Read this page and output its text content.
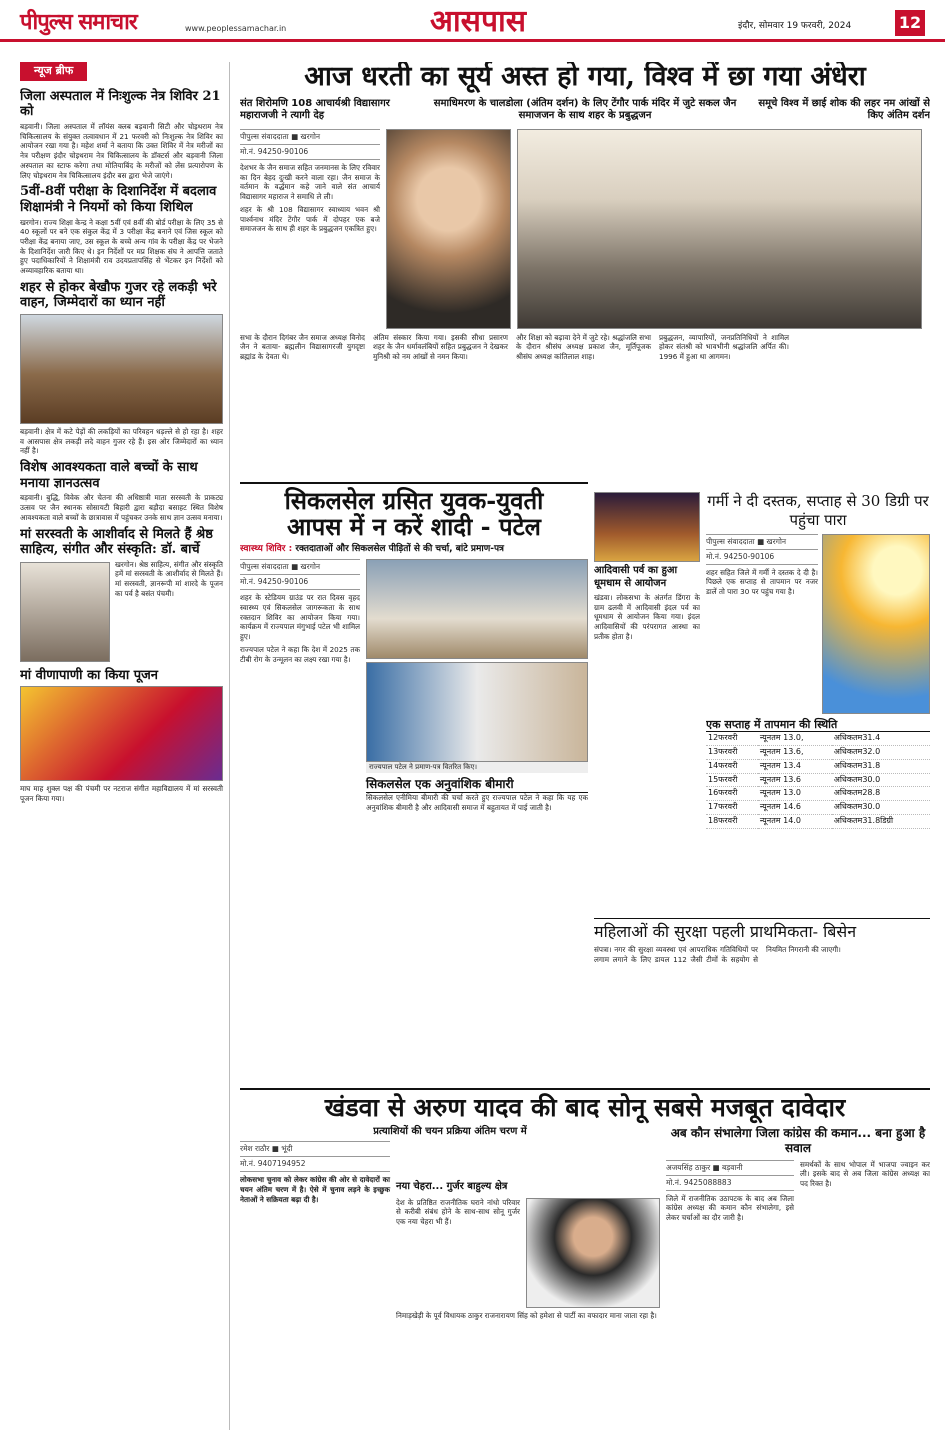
पीपुल्स समाचार	www.peoplessamachar.in	आसपास	इंदौर, सोमवार 19 फरवरी, 2024	12
न्यूज ब्रीफ
जिला अस्पताल में निःशुल्क नेत्र शिविर 21 को
बड़वानी। जिला अस्पताल में लॉयंस क्लब बड़वानी सिटी और चोइथराम नेत्र चिकित्सालय के संयुक्त तत्वावधान में 21 फरवरी को निःशुल्क नेत्र शिविर का आयोजन रखा गया है। महेश शर्मा ने बताया कि उक्त शिविर में नेत्र मरीजों का नेत्र परीक्षण इंदौर चोइथराम नेत्र चिकित्सालय के डॉक्टर्स और बड़वानी जिला अस्पताल का स्टाफ करेगा तथा मोतियाबिंद के मरीजों को लेंस प्रत्यारोपण के लिए चोइथराम नेत्र चिकित्सालय इंदौर बस द्वारा भेजे जाएंगे।
5वीं-8वीं परीक्षा के दिशानिर्देश में बदलाव शिक्षामंत्री ने नियमों को किया शिथिल
खरगोन। राज्य शिक्षा केन्द्र ने कक्षा 5वीं एवं 8वीं की बोर्ड परीक्षा के लिए 35 से 40 स्कूलों पर बने एक संकुल केंद्र में 3 परीक्षा केंद्र बनाने एवं जिस स्कूल को परीक्षा केंद्र बनाया जाए, उस स्कूल के बच्चे अन्य गांव के परीक्षा केंद्र पर भेजने के दिशानिर्देश जारी किए थे। इन निर्देशों पर मप्र शिक्षक संघ ने आपत्ति जताते हुए पदाधिकारियों ने शिक्षामंत्री राव उदयप्रतापसिंह से भेंटकर इन निर्देशों को अव्यावहारिक बताया था।
शहर से होकर बेखौफ गुजर रहे लकड़ी भरे वाहन, जिम्मेदारों का ध्यान नहीं
बड़वानी। क्षेत्र में कटे पेड़ों की लकड़ियों का परिवहन धड़ल्ले से हो रहा है। शहर व आसपास क्षेत्र लकड़ी लदे वाहन गुजर रहे हैं। इस ओर जिम्मेदारों का ध्यान नहीं है।
विशेष आवश्यकता वाले बच्चों के साथ मनाया ज्ञानउत्सव
बड़वानी। बुद्धि, विवेक और चेतना की अधिष्ठात्री माता सरस्वती के प्राकट्य उत्सव पर जैन स्थानक सोसायटी बिहारी द्वारा बड़ौदा बसाहट स्थित विशेष आवश्यकता वाले बच्चों के छात्रावास में पहुंचकर उनके साथ ज्ञान उत्सव मनाया।
मां सरस्वती के आशीर्वाद से मिलते हैं श्रेष्ठ साहित्य, संगीत और संस्कृति: डॉ. बार्चे
खरगोन। श्रेष्ठ साहित्य, संगीत और संस्कृति हमें मां सरस्वती के आशीर्वाद से मिलते हैं। मां सरस्वती, ज्ञानरूपी मां शारदे के पूजन का पर्व है बसंत पंचमी।
मां वीणापाणी का किया पूजन
माघ माह शुक्ल पक्ष की पंचमी पर नटराज संगीत महाविद्यालय में मां सरस्वती पूजन किया गया।
आज धरती का सूर्य अस्त हो गया, विश्व में छा गया अंधेरा
संत शिरोमणि 108 आचार्यश्री विद्यासागर महाराजजी ने त्यागी देह
समाधिमरण के चालडोला (अंतिम दर्शन) के लिए टेंगौर पार्क मंदिर में जुटे सकल जैन समाजजन के साथ शहर के प्रबुद्धजन
समूचे विश्व में छाई शोक की लहर नम आंखों से किए अंतिम दर्शन
पीपुल्स संवाददाता ■ खरगोन
मो.नं. 94250-90106
देशभर के जैन समाज सहित जनमानस के लिए रविवार का दिन बेहद दुःखी करने वाला रहा। जैन समाज के वर्तमान के वर्द्धमान कहे जाने वाले संत आचार्य विद्यासागर महाराज ने समाधि ले ली।
शहर के श्री 108 विद्यासागर स्वाध्याय भवन श्री पार्श्वनाथ मंदिर टेंगौर पार्क में दोपहर एक बजे समाजजन के साथ ही शहर के प्रबुद्धजन एकत्रित हुए।
सभा के दौरान दिगंबर जैन समाज अध्यक्ष विनोद जैन ने बताया- ब्रह्मलीन विद्यासागरजी युगदृष्टा ब्रह्मांड के देवता थे।
अंतिम संस्कार किया गया। इसकी सीधा प्रसारण शहर के जैन धर्मावलंबियों सहित प्रबुद्धजन ने देखकर मुनिश्री को नम आंखों से नमन किया।
और शिक्षा को बढ़ावा देने में जुटे रहे। श्रद्धांजलि सभा के दौरान श्रीसंघ अध्यक्ष प्रकाश जैन, मूर्तिपूजक श्रीसंघ अध्यक्ष कांतिलाल शाह।
प्रबुद्धजन, व्यापारियों, जनप्रतिनिधियों ने शामिल होकर संतश्री को भावभीनी श्रद्धांजलि अर्पित की। 1996 में हुआ था आगमन।
सिकलसेल ग्रसित युवक-युवती
आपस में न करें शादी - पटेल
स्वास्थ्य शिविर : रक्तदाताओं और सिकलसेल पीड़ितों से की चर्चा, बांटे प्रमाण-पत्र
पीपुल्स संवाददाता ■ खरगोन
मो.नं. 94250-90106
शहर के स्टेडियम ग्राउंड पर रात दिवस वृहद स्वास्थ्य एवं सिकलसेल जागरूकता के साथ रक्तदान शिविर का आयोजन किया गया। कार्यक्रम में राज्यपाल मंगुभाई पटेल भी शामिल हुए।
राज्यपाल पटेल ने कहा कि देश में 2025 तक टीबी रोग के उन्मूलन का लक्ष्य रखा गया है।
राज्यपाल पटेल ने प्रमाण-पत्र वितरित किए।
सिकलसेल एक अनुवांशिक बीमारी
सिकलसेल एनीमिया बीमारी की चर्चा करते हुए राज्यपाल पटेल ने कहा कि यह एक अनुवांशिक बीमारी है और आदिवासी समाज में बहुतायत में पाई जाती है।
आदिवासी पर्व का हुआ धूमधाम से आयोजन
खंडवा। लोकसभा के अंतर्गत डिंगरा के ग्राम ढलवी में आदिवासी इंदल पर्व का धूमधाम से आयोजन किया गया। इंदल आदिवासियों की परंपरागत आस्था का प्रतीक होता है।
गर्मी ने दी दस्तक, सप्ताह से 30 डिग्री पर पहुंचा पारा
पीपुल्स संवाददाता ■ खरगोन
मो.नं. 94250-90106
शहर सहित जिले में गर्मी ने दस्तक दे दी है। पिछले एक सप्ताह से तापमान पर नजर डालें तो पारा 30 पर पहुंच गया है।
एक सप्ताह में तापमान की स्थिति
12फरवरी	न्यूनतम 13.0,	अधिकतम31.4
13फरवरी	न्यूनतम 13.6,	अधिकतम32.0
14फरवरी	न्यूनतम 13.4	अधिकतम31.8
15फरवरी	न्यूनतम 13.6	अधिकतम30.0
16फरवरी	न्यूनतम 13.0	अधिकतम28.8
17फरवरी	न्यूनतम 14.6	अधिकतम30.0
18फरवरी	न्यूनतम 14.0	अधिकतम31.8डिग्री
महिलाओं की सुरक्षा पहली प्राथमिकता- बिसेन
संपत्रा। नगर की सुरक्षा व्यवस्था एवं आपराधिक गतिविधियों पर लगाम लगाने के लिए डायल 112 जैसी टीमों के सहयोग से नियमित निगरानी की जाएगी।
खंडवा से अरुण यादव की बाद सोनू सबसे मजबूत दावेदार
प्रत्याशियों की चयन प्रक्रिया अंतिम चरण में
रमेश राठौर ■ भूंदी
मो.नं. 9407194952
लोकसभा चुनाव को लेकर कांग्रेस की ओर से दावेदारों का चयन अंतिम चरण में है। ऐसे में चुनाव लड़ने के इच्छुक नेताओं ने सक्रियता बढ़ा दी है।
नया चेहरा... गुर्जर बाहुल्य क्षेत्र
देश के प्रतिष्ठित राजनीतिक घराने नांधो परिवार से करीबी संबंध होने के साथ-साथ सोनू गुर्जर एक नया चेहरा भी हैं।
निमाड़खेड़ी के पूर्व विधायक ठाकुर राजनारायण सिंह को हमेशा से पार्टी का वफादार माना जाता रहा है।
अब कौन संभालेगा जिला कांग्रेस की कमान... बना हुआ है सवाल
अजयसिंह ठाकुर ■ बड़वानी
मो.नं. 9425088883
जिले में राजनीतिक उठापटक के बाद अब जिला कांग्रेस अध्यक्ष की कमान कौन संभालेगा, इसे लेकर चर्चाओं का दौर जारी है।
समर्थकों के साथ भोपाल में भाजपा ज्वाइन कर ली। इसके बाद से अब जिला कांग्रेस अध्यक्ष का पद रिक्त है।
